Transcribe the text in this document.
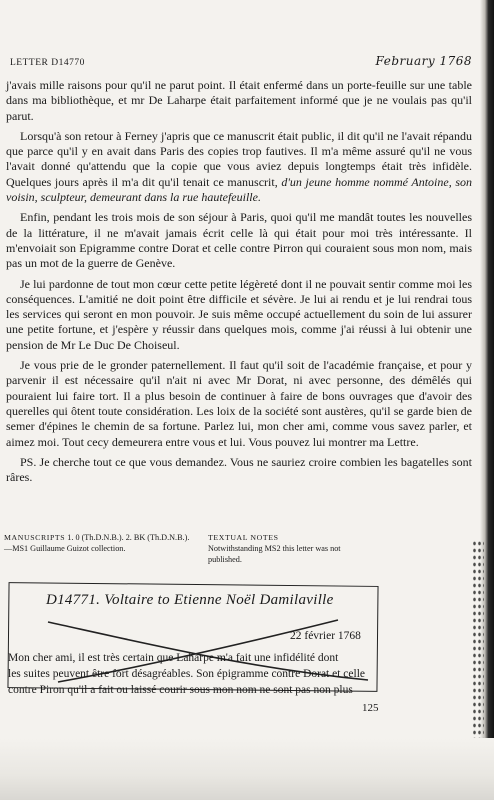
LETTER D14770	February 1768

j'avais mille raisons pour qu'il ne parut point. Il était enfermé dans un porte-feuille sur une table dans ma bibliothèque, et mr De Laharpe était parfaitement informé que je ne voulais pas qu'il parut.

Lorsqu'à son retour à Ferney j'apris que ce manuscrit était public, il dit qu'il ne l'avait répandu que parce qu'il y en avait dans Paris des copies trop fautives. Il m'a même assuré qu'il ne vous l'avait donné qu'attendu que la copie que vous aviez depuis longtemps était très infidèle. Quelques jours après il m'a dit qu'il tenait ce manuscrit, d'un jeune homme nommé Antoine, son voisin, sculpteur, demeurant dans la rue hautefeuille.

Enfin, pendant les trois mois de son séjour à Paris, quoi qu'il me mandât toutes les nouvelles de la littérature, il ne m'avait jamais écrit celle là qui était pour moi très intéressante. Il m'envoiait son Epigramme contre Dorat et celle contre Pirron qui couraient sous mon nom, mais pas un mot de la guerre de Genève.

Je lui pardonne de tout mon cœur cette petite légèreté dont il ne pouvait sentir comme moi les conséquences. L'amitié ne doit point être difficile et sévère. Je lui ai rendu et je lui rendrai tous les services qui seront en mon pouvoir. Je suis même occupé actuellement du soin de lui assurer une petite fortune, et j'espère y réussir dans quelques mois, comme j'ai réussi à lui obtenir une pension de Mr Le Duc De Choiseul.

Je vous prie de le gronder paternellement. Il faut qu'il soit de l'académie française, et pour y parvenir il est nécessaire qu'il n'ait ni avec Mr Dorat, ni avec personne, des démêlés qui pouraient lui faire tort. Il a plus besoin de continuer à faire de bons ouvrages que d'avoir des querelles qui ôtent toute considération. Les loix de la société sont austères, qu'il se garde bien de semer d'épines le chemin de sa fortune. Parlez lui, mon cher ami, comme vous savez parler, et aimez moi. Tout cecy demeurera entre vous et lui. Vous pouvez lui montrer ma Lettre.

PS. Je cherche tout ce que vous demandez. Vous ne sauriez croire combien les bagatelles sont râres.

MANUSCRIPTS 1. 0 (Th.D.N.B.). 2. BK (Th.D.N.B.).—MS1 Guillaume Guizot collection.
TEXTUAL NOTES
Notwithstanding MS2 this letter was not published.
D14771. Voltaire to Etienne Noël Damilaville
22 février 1768
Mon cher ami, il est très certain que Laharpe m'a fait une infidélité dont
les suites peuvent être fort désagréables. Son épigramme contre Dorat et celle
contre Piron qu'il a fait ou laissé courir sous mon nom ne sont pas non plus
125
